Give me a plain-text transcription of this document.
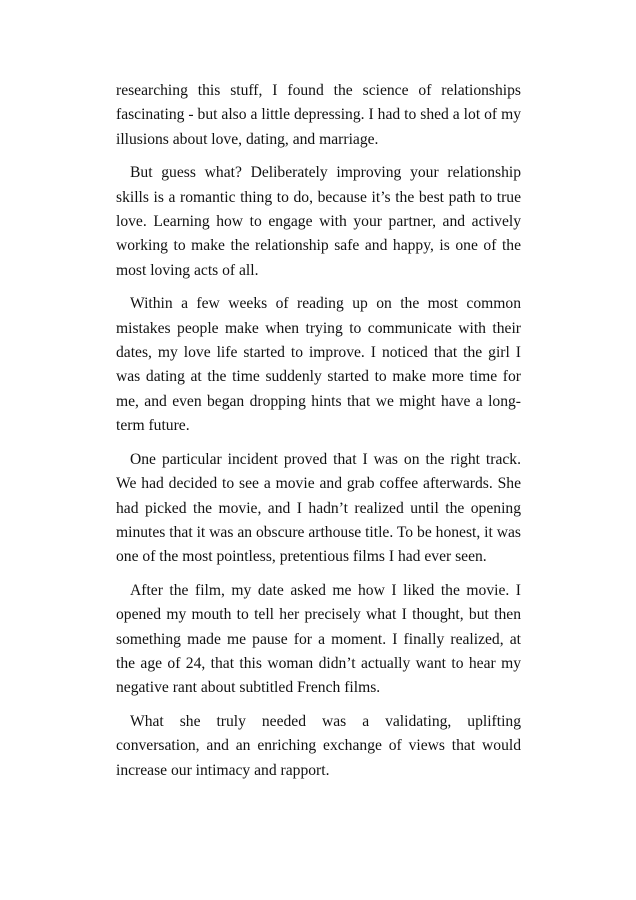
researching this stuff, I found the science of relationships fascinating - but also a little depressing. I had to shed a lot of my illusions about love, dating, and marriage.

But guess what? Deliberately improving your relationship skills is a romantic thing to do, because it’s the best path to true love. Learning how to engage with your partner, and actively working to make the relationship safe and happy, is one of the most loving acts of all.

Within a few weeks of reading up on the most common mistakes people make when trying to communicate with their dates, my love life started to improve. I noticed that the girl I was dating at the time suddenly started to make more time for me, and even began dropping hints that we might have a long-term future.

One particular incident proved that I was on the right track. We had decided to see a movie and grab coffee afterwards. She had picked the movie, and I hadn’t realized until the opening minutes that it was an obscure arthouse title. To be honest, it was one of the most pointless, pretentious films I had ever seen.

After the film, my date asked me how I liked the movie. I opened my mouth to tell her precisely what I thought, but then something made me pause for a moment. I finally realized, at the age of 24, that this woman didn’t actually want to hear my negative rant about subtitled French films.

What she truly needed was a validating, uplifting conversation, and an enriching exchange of views that would increase our intimacy and rapport.
